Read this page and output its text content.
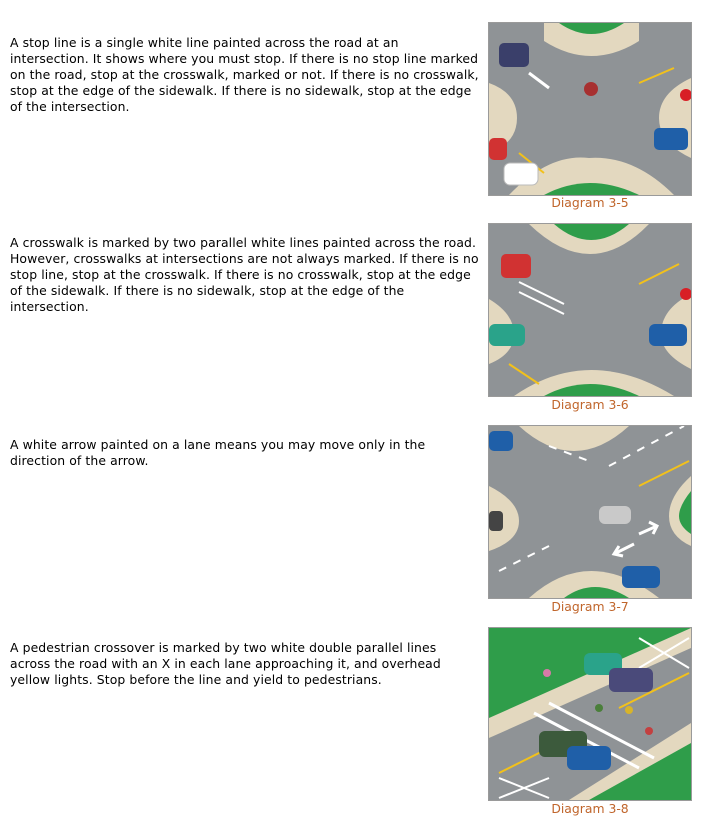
A stop line is a single white line painted across the road at an intersection. It shows where you must stop. If there is no stop line marked on the road, stop at the crosswalk, marked or not. If there is no crosswalk, stop at the edge of the sidewalk. If there is no sidewalk, stop at the edge of the intersection.
Diagram 3-5
A crosswalk is marked by two parallel white lines painted across the road. However, crosswalks at intersections are not always marked. If there is no stop line, stop at the crosswalk. If there is no crosswalk, stop at the edge of the sidewalk. If there is no sidewalk, stop at the edge of the intersection.
Diagram 3-6
A white arrow painted on a lane means you may move only in the direction of the arrow.
Diagram 3-7
A pedestrian crossover is marked by two white double parallel lines across the road with an X in each lane approaching it, and overhead yellow lights. Stop before the line and yield to pedestrians.
Diagram 3-8
